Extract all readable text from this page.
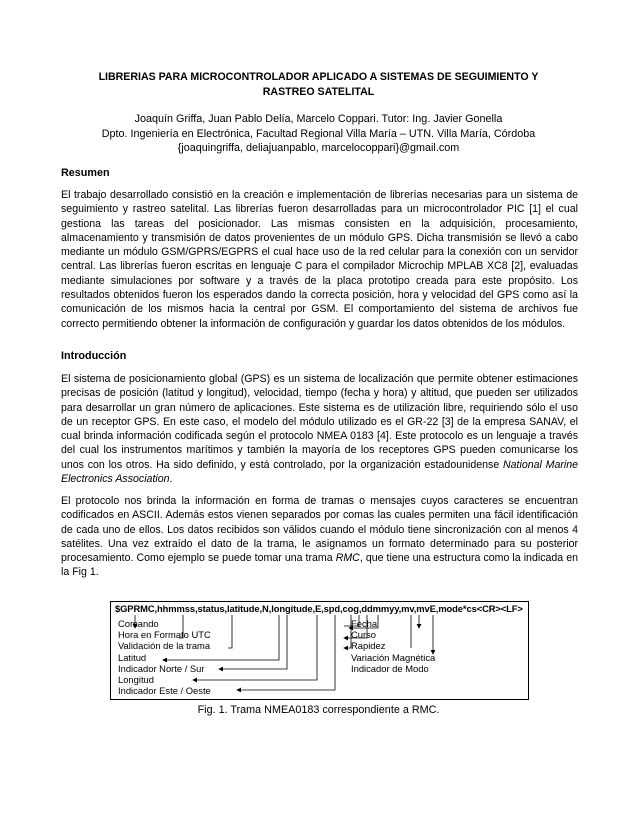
LIBRERIAS PARA MICROCONTROLADOR APLICADO A SISTEMAS DE SEGUIMIENTO Y
RASTREO SATELITAL
Joaquín Griffa, Juan Pablo Delía, Marcelo Coppari. Tutor: Ing. Javier Gonella
Dpto. Ingeniería en Electrónica, Facultad Regional Villa María – UTN. Villa María, Córdoba
{joaquingriffa, deliajuanpablo, marcelocoppari}@gmail.com
Resumen
El trabajo desarrollado consistió en la creación e implementación de librerías necesarias para un sistema de seguimiento y rastreo satelital. Las librerías fueron desarrolladas para un microcontrolador PIC [1] el cual gestiona las tareas del posicionador. Las mismas consisten en la adquisición, procesamiento, almacenamiento y transmisión de datos provenientes de un módulo GPS. Dicha transmisión se llevó a cabo mediante un módulo GSM/GPRS/EGPRS el cual hace uso de la red celular para la conexión con un servidor central. Las librerías fueron escritas en lenguaje C para el compilador Microchip MPLAB XC8 [2], evaluadas mediante simulaciones por software y a través de la placa prototipo creada para este propósito. Los resultados obtenidos fueron los esperados dando la correcta posición, hora y velocidad del GPS como así la comunicación de los mismos hacia la central por GSM. El comportamiento del sistema de archivos fue correcto permitiendo obtener la información de configuración y guardar los datos obtenidos de los módulos.
Introducción
El sistema de posicionamiento global (GPS) es un sistema de localización que permite obtener estimaciones precisas de posición (latitud y longitud), velocidad, tiempo (fecha y hora) y altitud, que pueden ser utilizados para desarrollar un gran número de aplicaciones. Este sistema es de utilización libre, requiriendo sólo el uso de un receptor GPS. En este caso, el modelo del módulo utilizado es el GR-22 [3] de la empresa SANAV, el cual brinda información codificada según el protocolo NMEA 0183 [4]. Este protocolo es un lenguaje a través del cual los instrumentos marítimos y también la mayoría de los receptores GPS pueden comunicarse los unos con los otros. Ha sido definido, y está controlado, por la organización estadounidense National Marine Electronics Association.
El protocolo nos brinda la información en forma de tramas o mensajes cuyos caracteres se encuentran codificados en ASCII. Además estos vienen separados por comas las cuales permiten una fácil identificación de cada uno de ellos. Los datos recibidos son válidos cuando el módulo tiene sincronización con al menos 4 satélites. Una vez extraído el dato de la trama, le asignamos un formato determinado para su posterior procesamiento. Como ejemplo se puede tomar una trama RMC, que tiene una estructura como la indicada en la Fig 1.
$GPRMC,hhmmss,status,latitude,N,longitude,E,spd,cog,ddmmyy,mv,mvE,mode*cs<CR><LF>
Comando
Hora en Formato UTC
Validación de la trama
Latitud
Indicador Norte / Sur
Longitud
Indicador Este / Oeste
Fecha
Curso
Rapidez
Variación Magnética
Indicador de Modo
Fig. 1. Trama NMEA0183 correspondiente a RMC.
